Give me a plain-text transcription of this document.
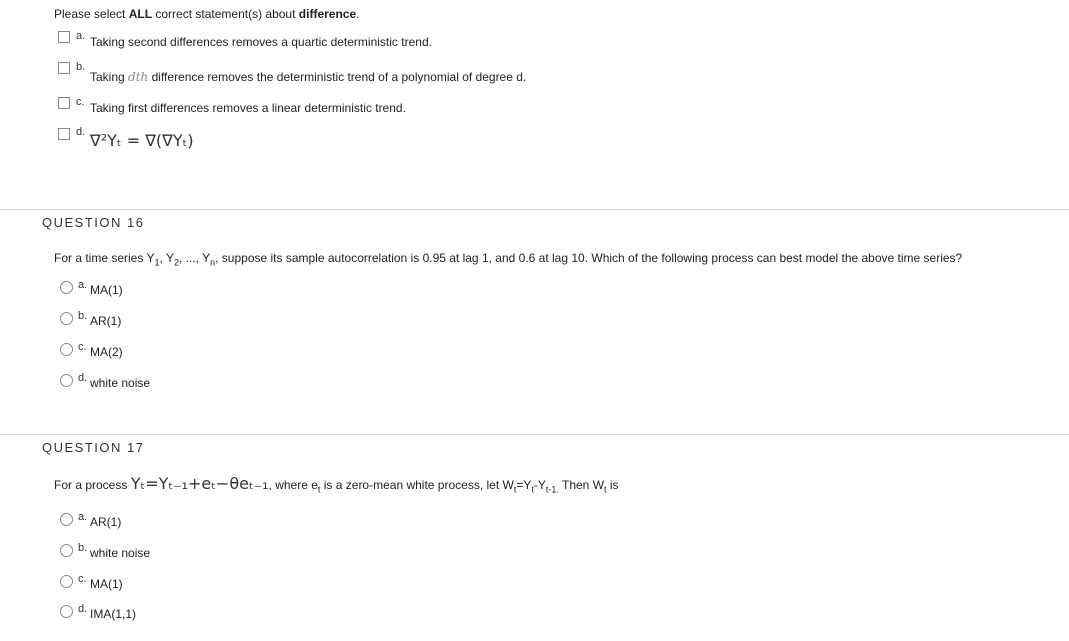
Please select ALL correct statement(s) about difference.
a. Taking second differences removes a quartic deterministic trend.
b.
Taking dth difference removes the deterministic trend of a polynomial of degree d.
c. Taking first differences removes a linear deterministic trend.
d. ∇²Yₜ = ∇(∇Yₜ)
QUESTION 16
For a time series $Y_1$, $Y_2$, ..., $Y_n$, suppose its sample autocorrelation is 0.95 at lag 1, and 0.6 at lag 10. Which of the following process can best model the above time series?
a. MA(1)
b. AR(1)
c. MA(2)
d. white noise
QUESTION 17
For a process Yₜ=Yₜ₋₁+eₜ−θeₜ₋₁, where $e_t$ is a zero-mean white process, let $W_t=Y_t-Y_{t-1.}$ Then $W_t$ is
a. AR(1)
b. white noise
c. MA(1)
d. IMA(1,1)
